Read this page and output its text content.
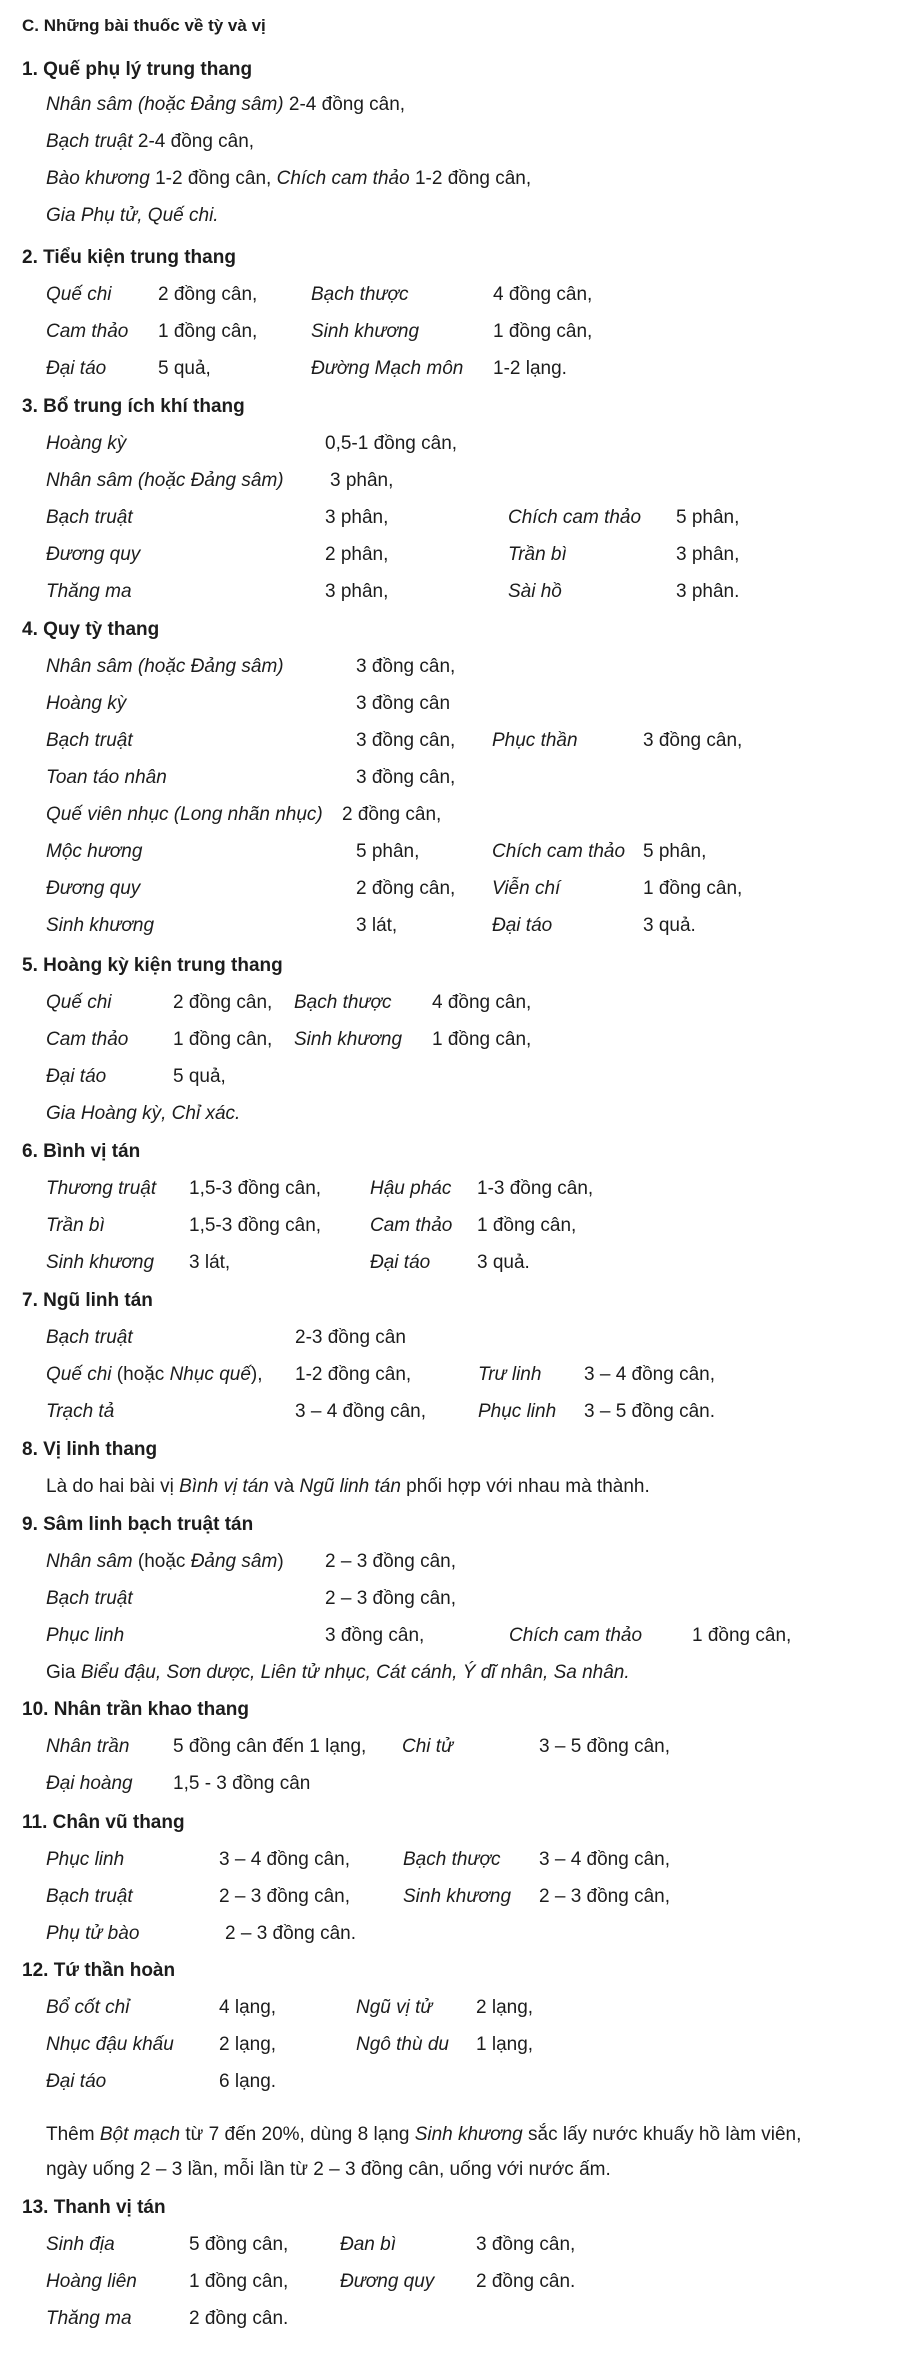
C. Những bài thuốc về tỳ và vị
1. Quế phụ lý trung thang
Nhân sâm (hoặc Đảng sâm) 2-4 đồng cân,
Bạch truật 2-4 đồng cân,
Bào khương 1-2 đồng cân, Chích cam thảo 1-2 đồng cân,
Gia Phụ tử, Quế chi.
2. Tiểu kiện trung thang
Quế chi 2 đồng cân,	Bạch thược	4 đồng cân,
Cam thảo 1 đồng cân,	Sinh khương	1 đồng cân,
Đại táo	5 quả,	Đường Mạch môn 1-2 lạng.
3. Bổ trung ích khí thang
Hoàng kỳ	0,5-1 đồng cân,
Nhân sâm (hoặc Đảng sâm) 3 phân,
Bạch truật	3 phân,	Chích cam thảo 5 phân,
Đương quy	2 phân,	Trần bì	3 phân,
Thăng ma	3 phân,	Sài hồ	3 phân.
4. Quy tỳ thang
Nhân sâm (hoặc Đảng sâm)	3 đồng cân,
Hoàng kỳ	3 đồng cân
Bạch truật	3 đồng cân, Phục thần	3 đồng cân,
Toan táo nhân	3 đồng cân,
Quế viên nhục (Long nhãn nhục) 2 đồng cân,
Mộc hương	5 phân,	Chích cam thảo 5 phân,
Đương quy	2 đồng cân, Viễn chí	1 đồng cân,
Sinh khương	3 lát,	Đại táo	3 quả.
5. Hoàng kỳ kiện trung thang
Quế chi	2 đồng cân, Bạch thược 4 đồng cân,
Cam thảo 1 đồng cân, Sinh khương 1 đồng cân,
Đại táo	5 quả,
Gia Hoàng kỳ, Chỉ xác.
6. Bình vị tán
Thương truật 1,5-3 đồng cân,	Hậu phác 1-3 đồng cân,
Trần bì	1,5-3 đồng cân,	Cam thảo 1 đồng cân,
Sinh khương 3 lát,	Đại táo 3 quả.
7. Ngũ linh tán
Bạch truật	2-3 đồng cân
Quế chi (hoặc Nhục quế), 1-2 đồng cân,	Trư linh 3 – 4 đồng cân,
Trạch tả	3 – 4 đồng cân,	Phục linh 3 – 5 đồng cân.
8. Vị linh thang
Là do hai bài vị Bình vị tán và Ngũ linh tán phối hợp với nhau mà thành.
9. Sâm linh bạch truật tán
Nhân sâm (hoặc Đảng sâm) 2 – 3 đồng cân,
Bạch truật	2 – 3 đồng cân,
Phục linh	3 đồng cân,	Chích cam thảo	1 đồng cân,
Gia Biểu đậu, Sơn dược, Liên tử nhục, Cát cánh, Ý dĩ nhân, Sa nhân.
10. Nhân trần khao thang
Nhân trần 5 đồng cân đến 1 lạng, Chi tử	3 – 5 đồng cân,
Đại hoàng 1,5 - 3 đồng cân
11. Chân vũ thang
Phục linh	3 – 4 đồng cân,	Bạch thược 3 – 4 đồng cân,
Bạch truật	2 – 3 đồng cân,	Sinh khương 2 – 3 đồng cân,
Phụ tử bào	2 – 3 đồng cân.
12. Tứ thần hoàn
Bổ cốt chỉ	4 lạng,	Ngũ vị tử 2 lạng,
Nhục đậu khấu 2 lạng,	Ngô thù du 1 lạng,
Đại táo	6 lạng.
Thêm Bột mạch từ 7 đến 20%, dùng 8 lạng Sinh khương sắc lấy nước khuấy hồ làm viên,
ngày uống 2 – 3 lần, mỗi lần từ 2 – 3 đồng cân, uống với nước ấm.
13. Thanh vị tán
Sinh địa	5 đồng cân,	Đan bì	3 đồng cân,
Hoàng liên	1 đồng cân,	Đương quy 2 đồng cân.
Thăng ma	2 đồng cân.
